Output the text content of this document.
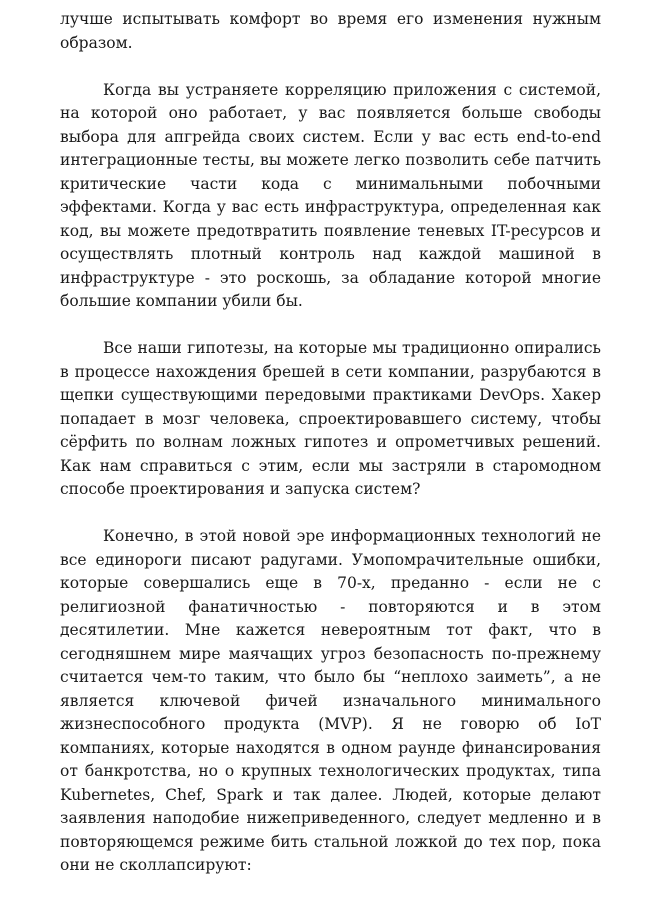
лучше испытывать комфорт во время его изменения нужным образом.

Когда вы устраняете корреляцию приложения с системой, на которой оно работает, у вас появляется больше свободы выбора для апгрейда своих систем. Если у вас есть end-to-end интеграционные тесты, вы можете легко позволить себе патчить критические части кода с минимальными побочными эффектами. Когда у вас есть инфраструктура, определенная как код, вы можете предотвратить появление теневых IT-ресурсов и осуществлять плотный контроль над каждой машиной в инфраструктуре - это роскошь, за обладание которой многие большие компании убили бы.

Все наши гипотезы, на которые мы традиционно опирались в процессе нахождения брешей в сети компании, разрубаются в щепки существующими передовыми практиками DevOps. Хакер попадает в мозг человека, спроектировавшего систему, чтобы сёрфить по волнам ложных гипотез и опрометчивых решений. Как нам справиться с этим, если мы застряли в старомодном способе проектирования и запуска систем?

Конечно, в этой новой эре информационных технологий не все единороги писают радугами. Умопомрачительные ошибки, которые совершались еще в 70-х, преданно - если не с религиозной фанатичностью - повторяются и в этом десятилетии. Мне кажется невероятным тот факт, что в сегодняшнем мире маячащих угроз безопасность по-прежнему считается чем-то таким, что было бы “неплохо заиметь”, а не является ключевой фичей изначального минимального жизнеспособного продукта (MVP). Я не говорю об IoT компаниях, которые находятся в одном раунде финансирования от банкротства, но о крупных технологических продуктах, типа Kubernetes, Chef, Spark и так далее. Людей, которые делают заявления наподобие нижеприведенного, следует медленно и в повторяющемся режиме бить стальной ложкой до тех пор, пока они не сколлапсируют:
